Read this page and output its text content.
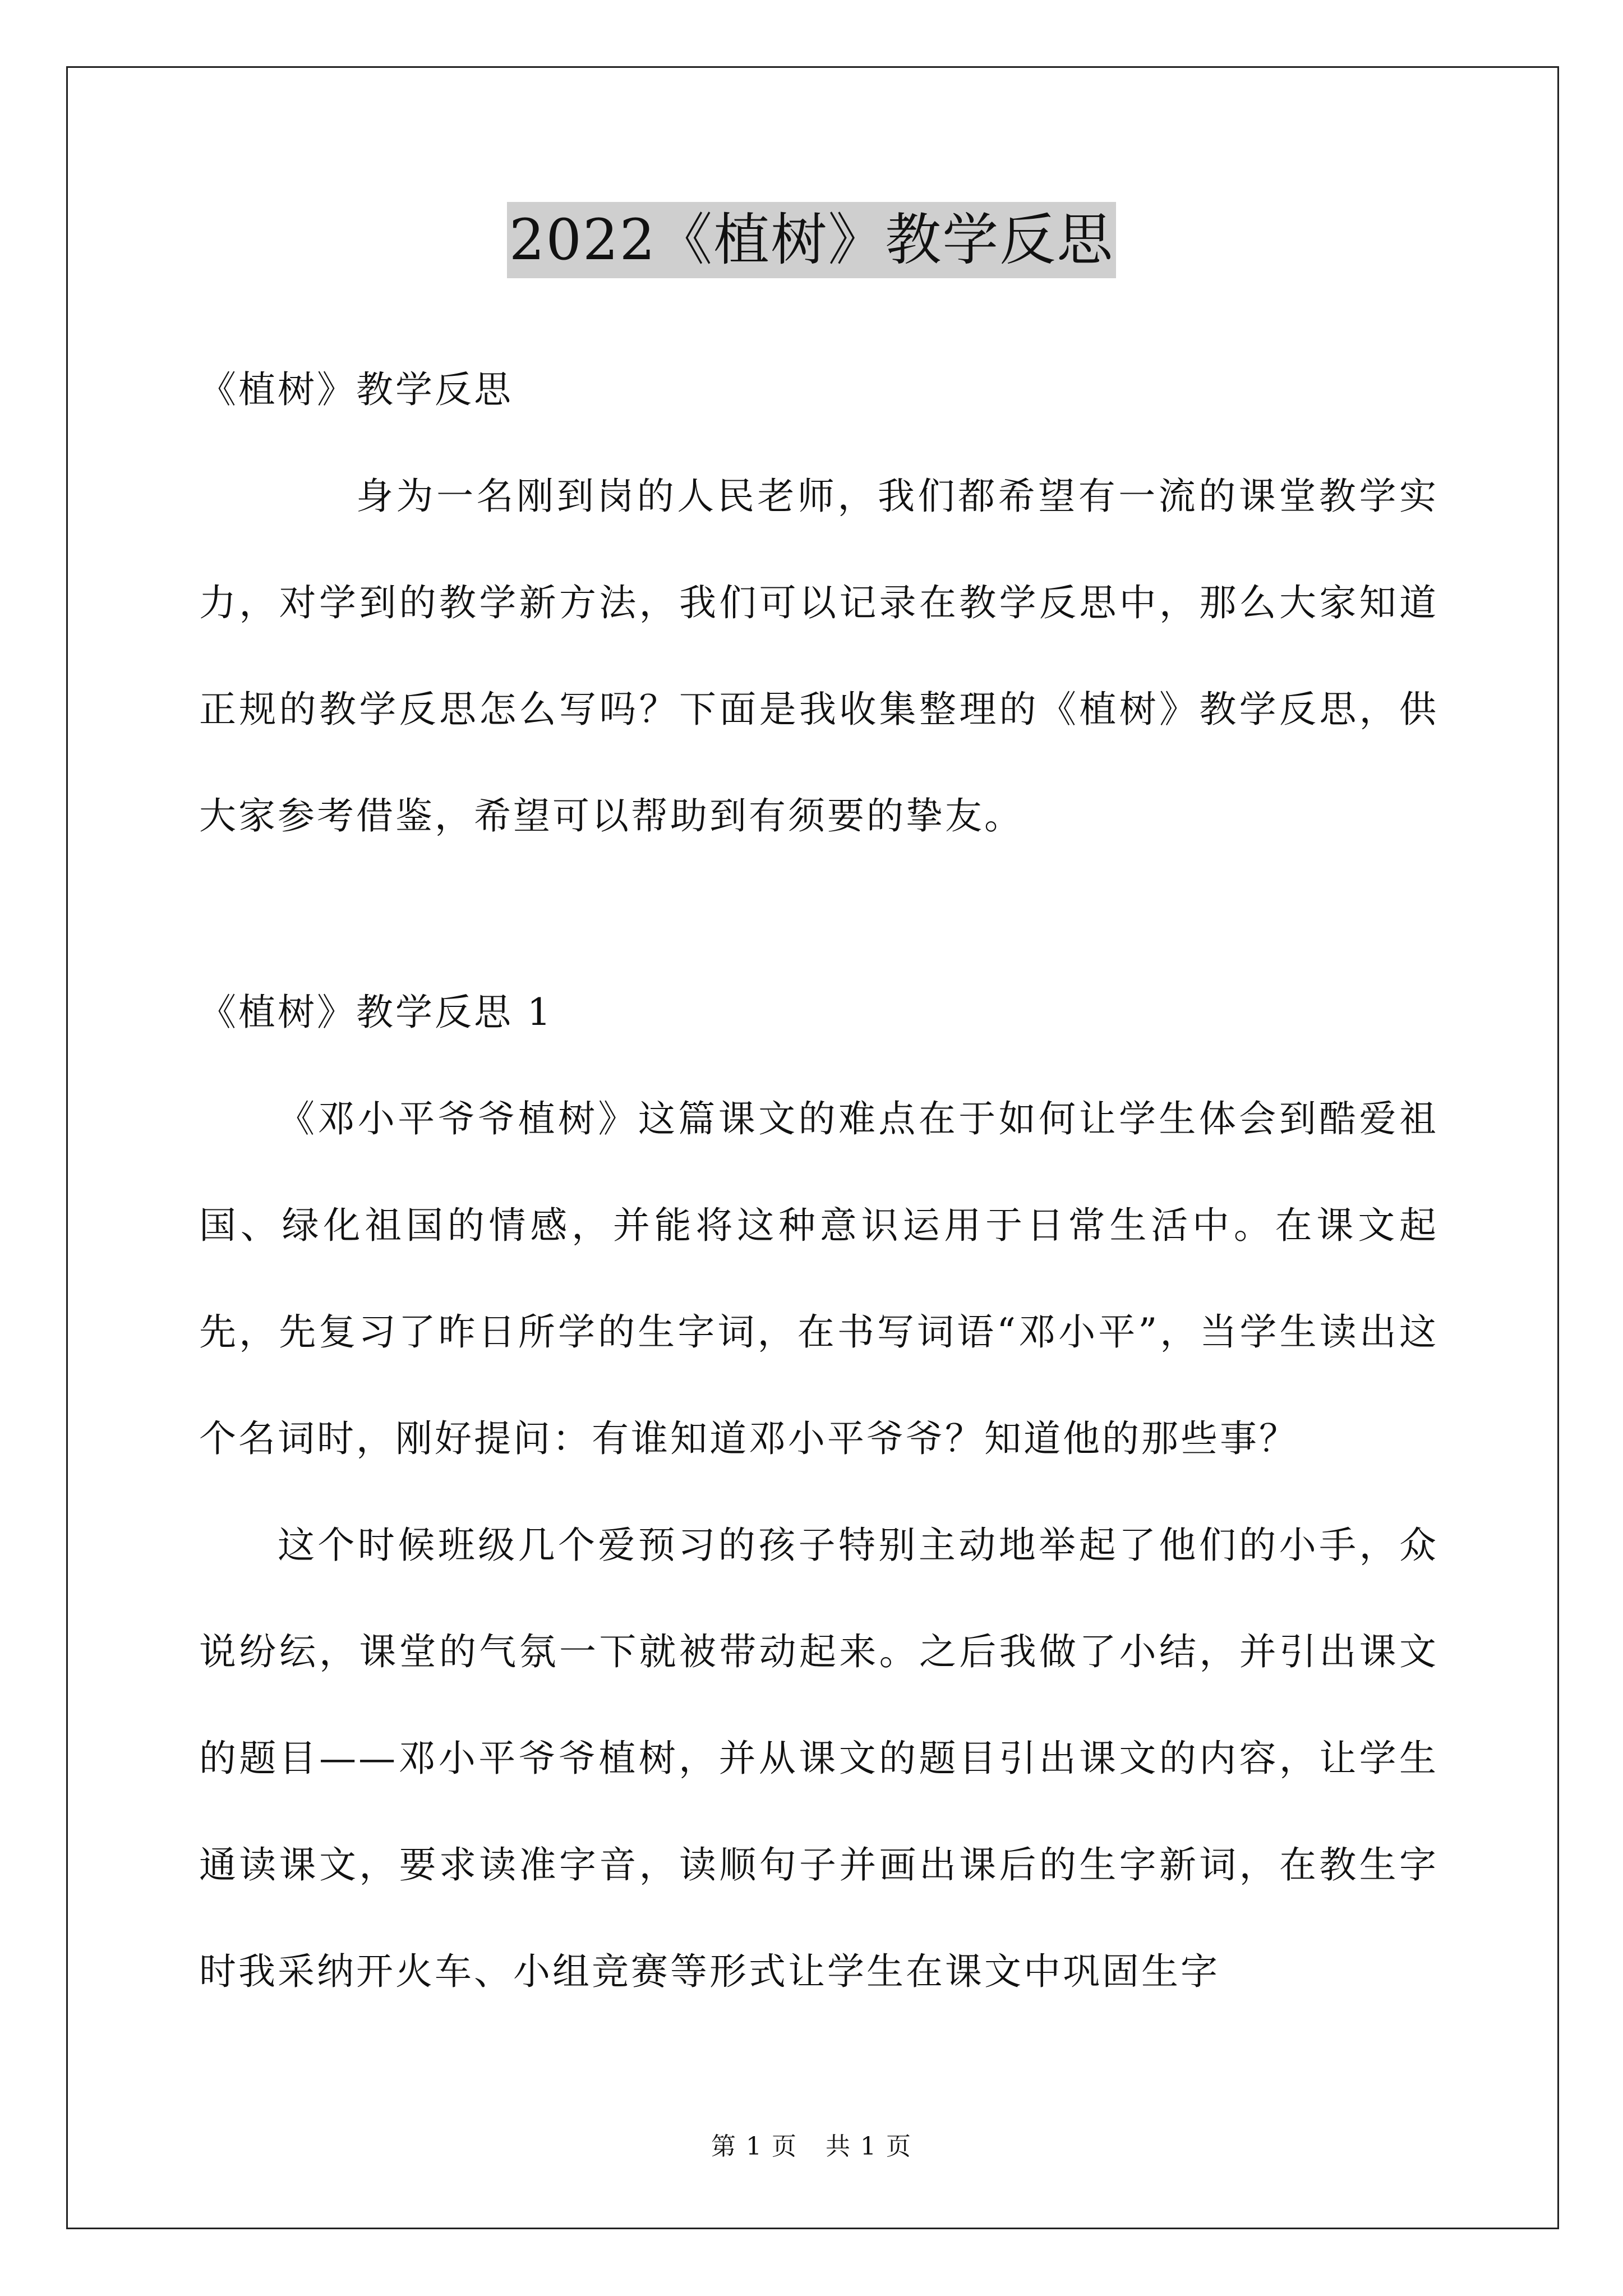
2022《植树》教学反思

《植树》教学反思

身为一名刚到岗的人民老师，我们都希望有一流的课堂教学实力，对学到的教学新方法，我们可以记录在教学反思中，那么大家知道正规的教学反思怎么写吗？下面是我收集整理的《植树》教学反思，供大家参考借鉴，希望可以帮助到有须要的挚友。

《植树》教学反思 1

《邓小平爷爷植树》这篇课文的难点在于如何让学生体会到酷爱祖国、绿化祖国的情感，并能将这种意识运用于日常生活中。在课文起先，先复习了昨日所学的生字词，在书写词语“邓小平”，当学生读出这个名词时，刚好提问：有谁知道邓小平爷爷？知道他的那些事？

这个时候班级几个爱预习的孩子特别主动地举起了他们的小手，众说纷纭，课堂的气氛一下就被带动起来。之后我做了小结，并引出课文的题目——邓小平爷爷植树，并从课文的题目引出课文的内容，让学生通读课文，要求读准字音，读顺句子并画出课后的生字新词，在教生字时我采纳开火车、小组竞赛等形式让学生在课文中巩固生字

第 1 页 共 1 页
